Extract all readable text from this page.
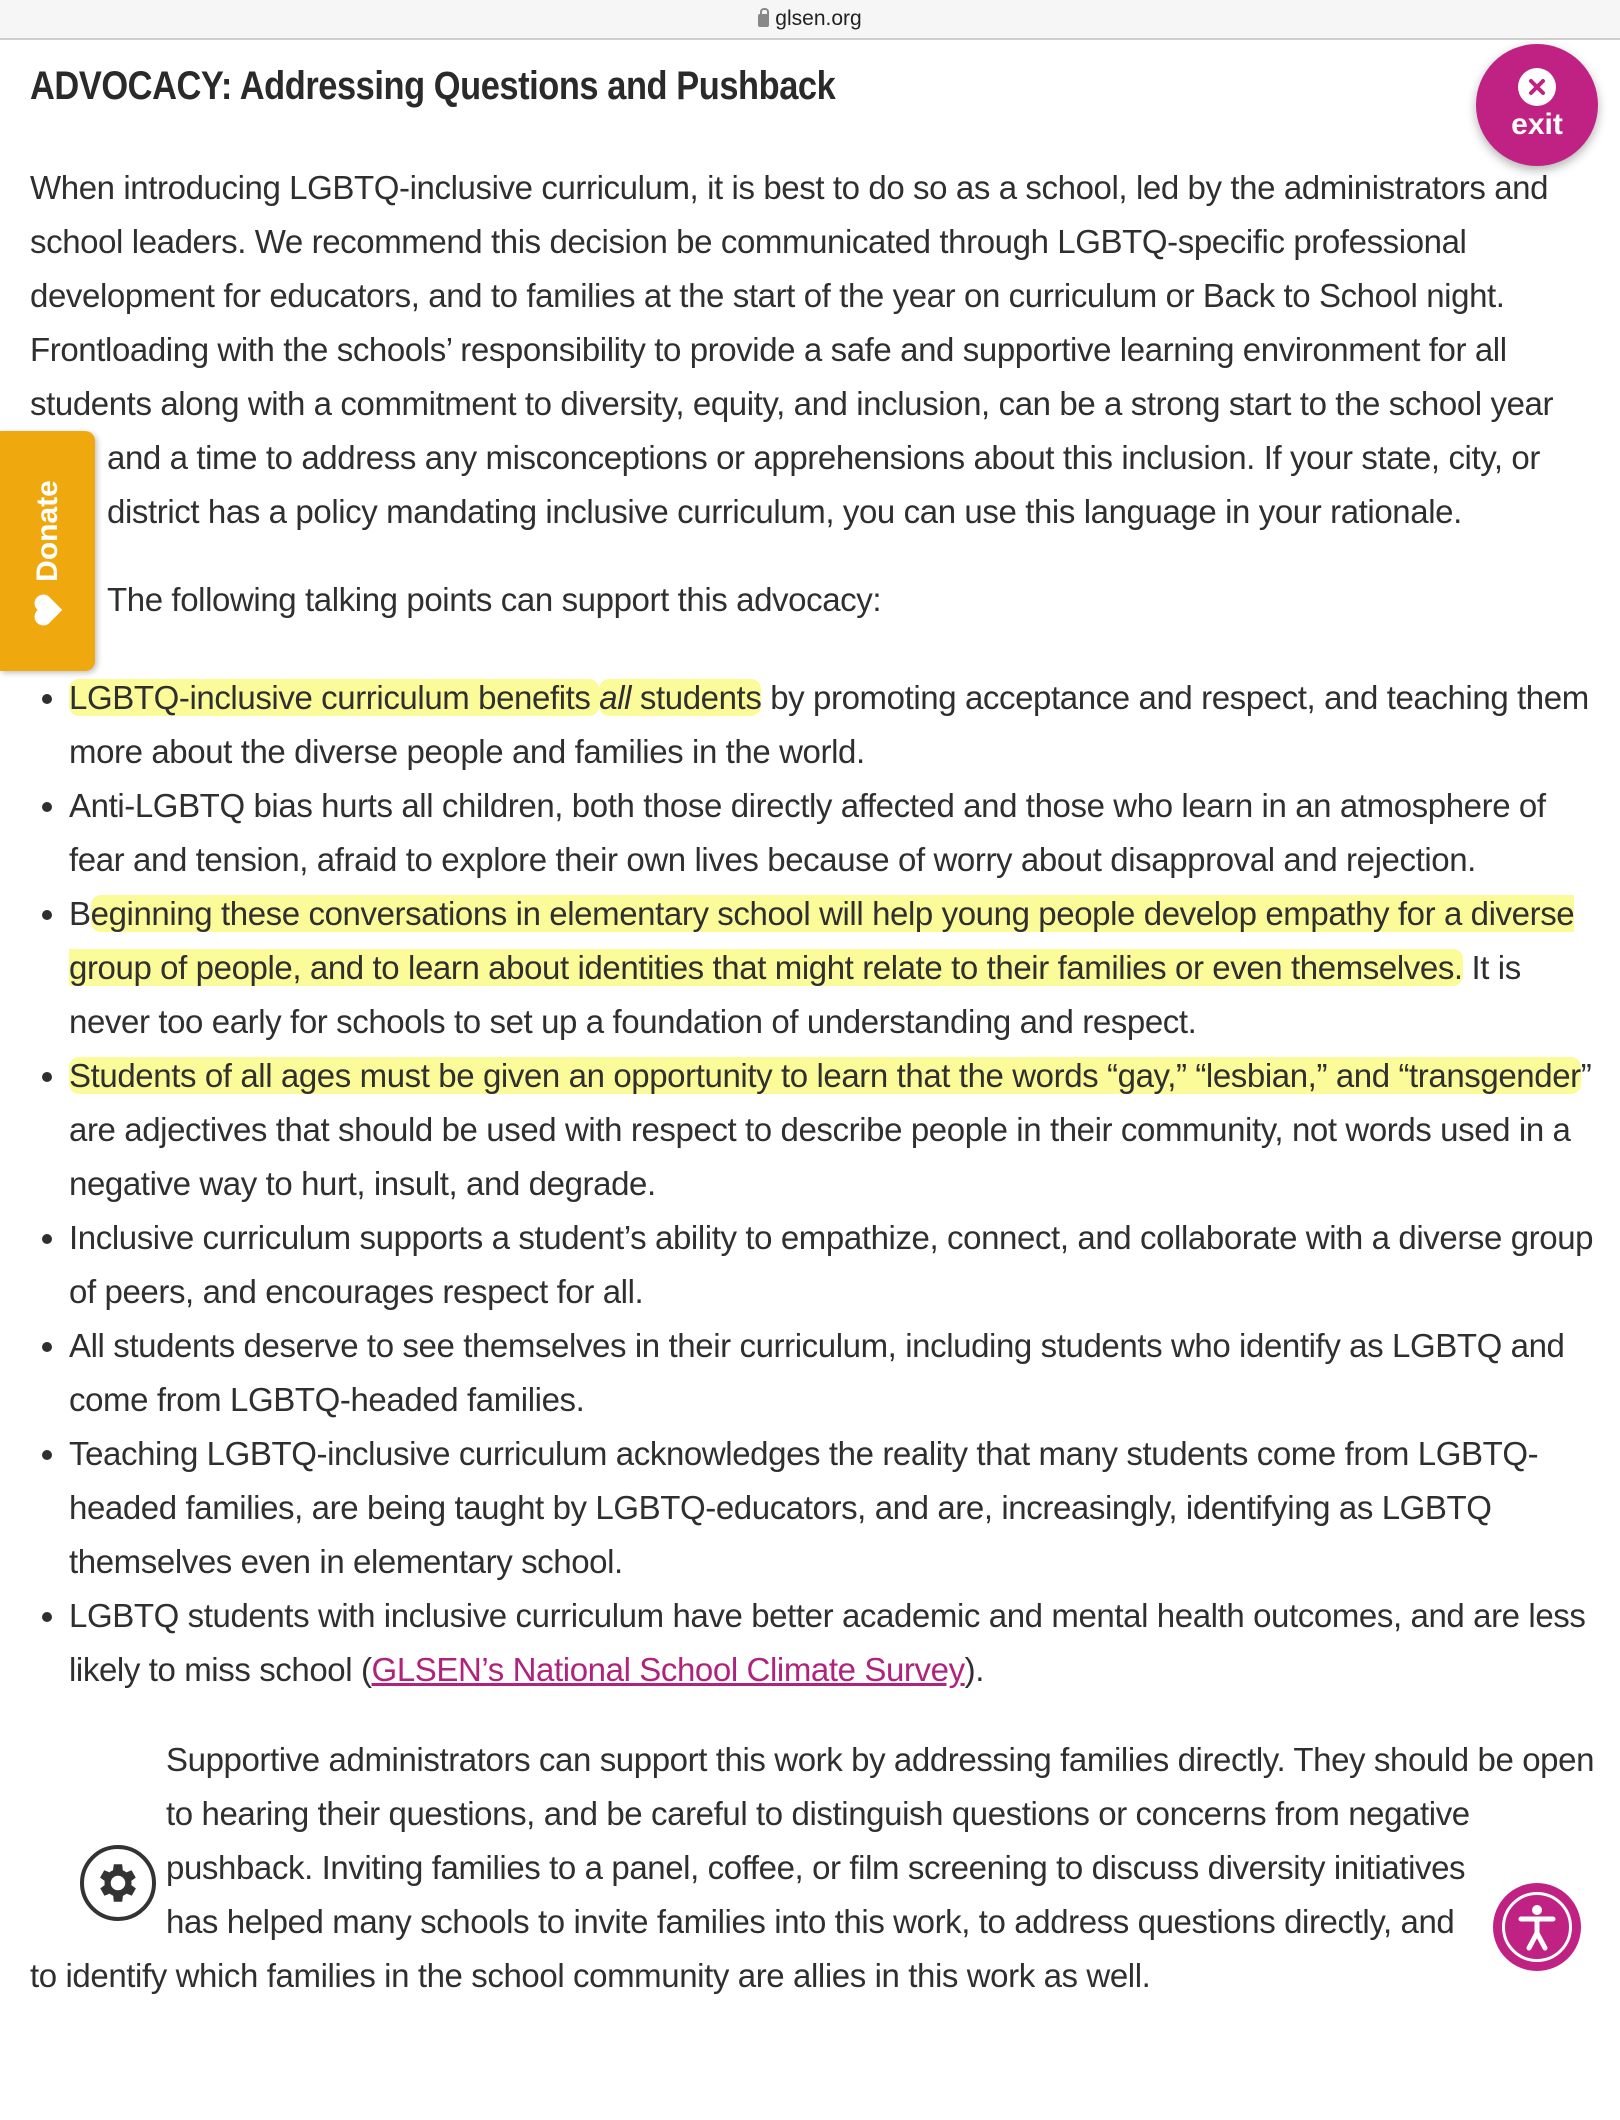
glsen.org
ADVOCACY: Addressing Questions and Pushback
Donate

When introducing LGBTQ-inclusive curriculum, it is best to do so as a school, led by the administrators and school leaders. We recommend this decision be communicated through LGBTQ-specific professional development for educators, and to families at the start of the year on curriculum or Back to School night. Frontloading with the schools’ responsibility to provide a safe and supportive learning environment for all students along with a commitment to diversity, equity, and inclusion, can be a strong start to the school year and a time to address any misconceptions or apprehensions about this inclusion. If your state, city, or district has a policy mandating inclusive curriculum, you can use this language in your rationale.

The following talking points can support this advocacy:

• LGBTQ-inclusive curriculum benefits all students by promoting acceptance and respect, and teaching them more about the diverse people and families in the world.
• Anti-LGBTQ bias hurts all children, both those directly affected and those who learn in an atmosphere of fear and tension, afraid to explore their own lives because of worry about disapproval and rejection.
• Beginning these conversations in elementary school will help young people develop empathy for a diverse group of people, and to learn about identities that might relate to their families or even themselves. It is never too early for schools to set up a foundation of understanding and respect.
• Students of all ages must be given an opportunity to learn that the words “gay,” “lesbian,” and “transgender” are adjectives that should be used with respect to describe people in their community, not words used in a negative way to hurt, insult, and degrade.
• Inclusive curriculum supports a student’s ability to empathize, connect, and collaborate with a diverse group of peers, and encourages respect for all.
• All students deserve to see themselves in their curriculum, including students who identify as LGBTQ and come from LGBTQ-headed families.
• Teaching LGBTQ-inclusive curriculum acknowledges the reality that many students come from LGBTQ-headed families, are being taught by LGBTQ-educators, and are, increasingly, identifying as LGBTQ themselves even in elementary school.
• LGBTQ students with inclusive curriculum have better academic and mental health outcomes, and are less likely to miss school (GLSEN’s National School Climate Survey).

Supportive administrators can support this work by addressing families directly. They should be open to hearing their questions, and be careful to distinguish questions or concerns from negative pushback. Inviting families to a panel, coffee, or film screening to discuss diversity initiatives has helped many schools to invite families into this work, to address questions directly, and to identify which families in the school community are allies in this work as well.

exit
